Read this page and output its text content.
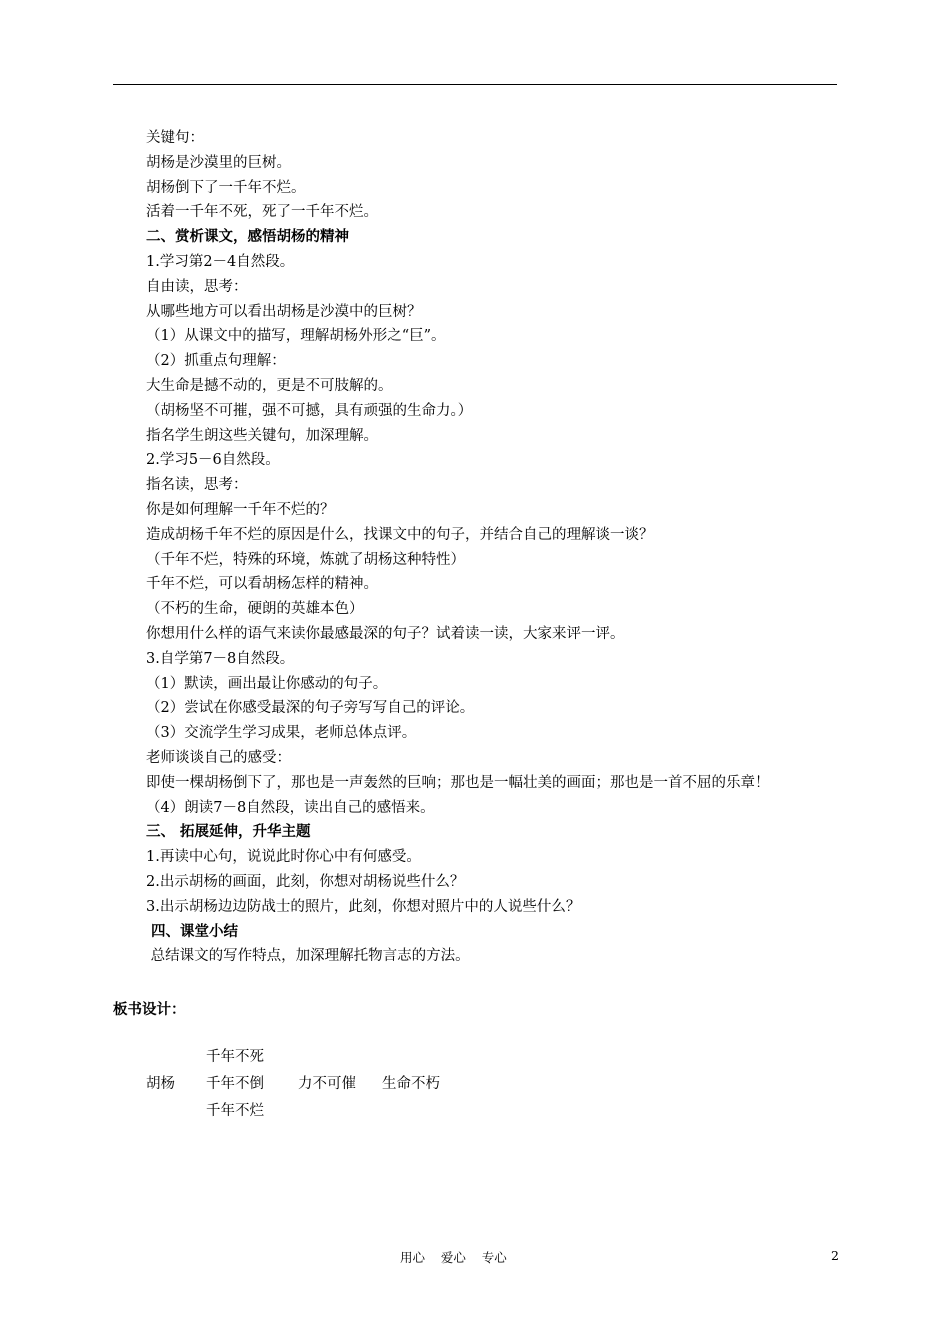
关键句：
胡杨是沙漠里的巨树。
胡杨倒下了一千年不烂。
活着一千年不死，死了一千年不烂。
二、赏析课文，感悟胡杨的精神
1.学习第2－4自然段。
自由读，思考：
从哪些地方可以看出胡杨是沙漠中的巨树？
（1）从课文中的描写，理解胡杨外形之“巨”。
（2）抓重点句理解：
大生命是撼不动的，更是不可肢解的。
（胡杨坚不可摧，强不可撼，具有顽强的生命力。）
指名学生朗这些关键句，加深理解。
2.学习5－6自然段。
指名读，思考：
你是如何理解一千年不烂的？
造成胡杨千年不烂的原因是什么，找课文中的句子，并结合自己的理解谈一谈？
（千年不烂，特殊的环境，炼就了胡杨这种特性）
千年不烂，可以看胡杨怎样的精神。
（不朽的生命，硬朗的英雄本色）
你想用什么样的语气来读你最感最深的句子？试着读一读，大家来评一评。
3.自学第7－8自然段。
（1）默读，画出最让你感动的句子。
（2）尝试在你感受最深的句子旁写写自己的评论。
（3）交流学生学习成果，老师总体点评。
老师谈谈自己的感受：
即使一棵胡杨倒下了，那也是一声轰然的巨响；那也是一幅壮美的画面；那也是一首不屈的乐章！
（4）朗读7－8自然段，读出自己的感悟来。
三、 拓展延伸，升华主题
1.再读中心句，说说此时你心中有何感受。
2.出示胡杨的画面，此刻，你想对胡杨说些什么？
3.出示胡杨边边防战士的照片，此刻，你想对照片中的人说些什么？
四、课堂小结
总结课文的写作特点，加深理解托物言志的方法。
板书设计：
千年不死
胡杨 千年不倒
千年不烂
力不可催 生命不朽
用心    爱心    专心	2
